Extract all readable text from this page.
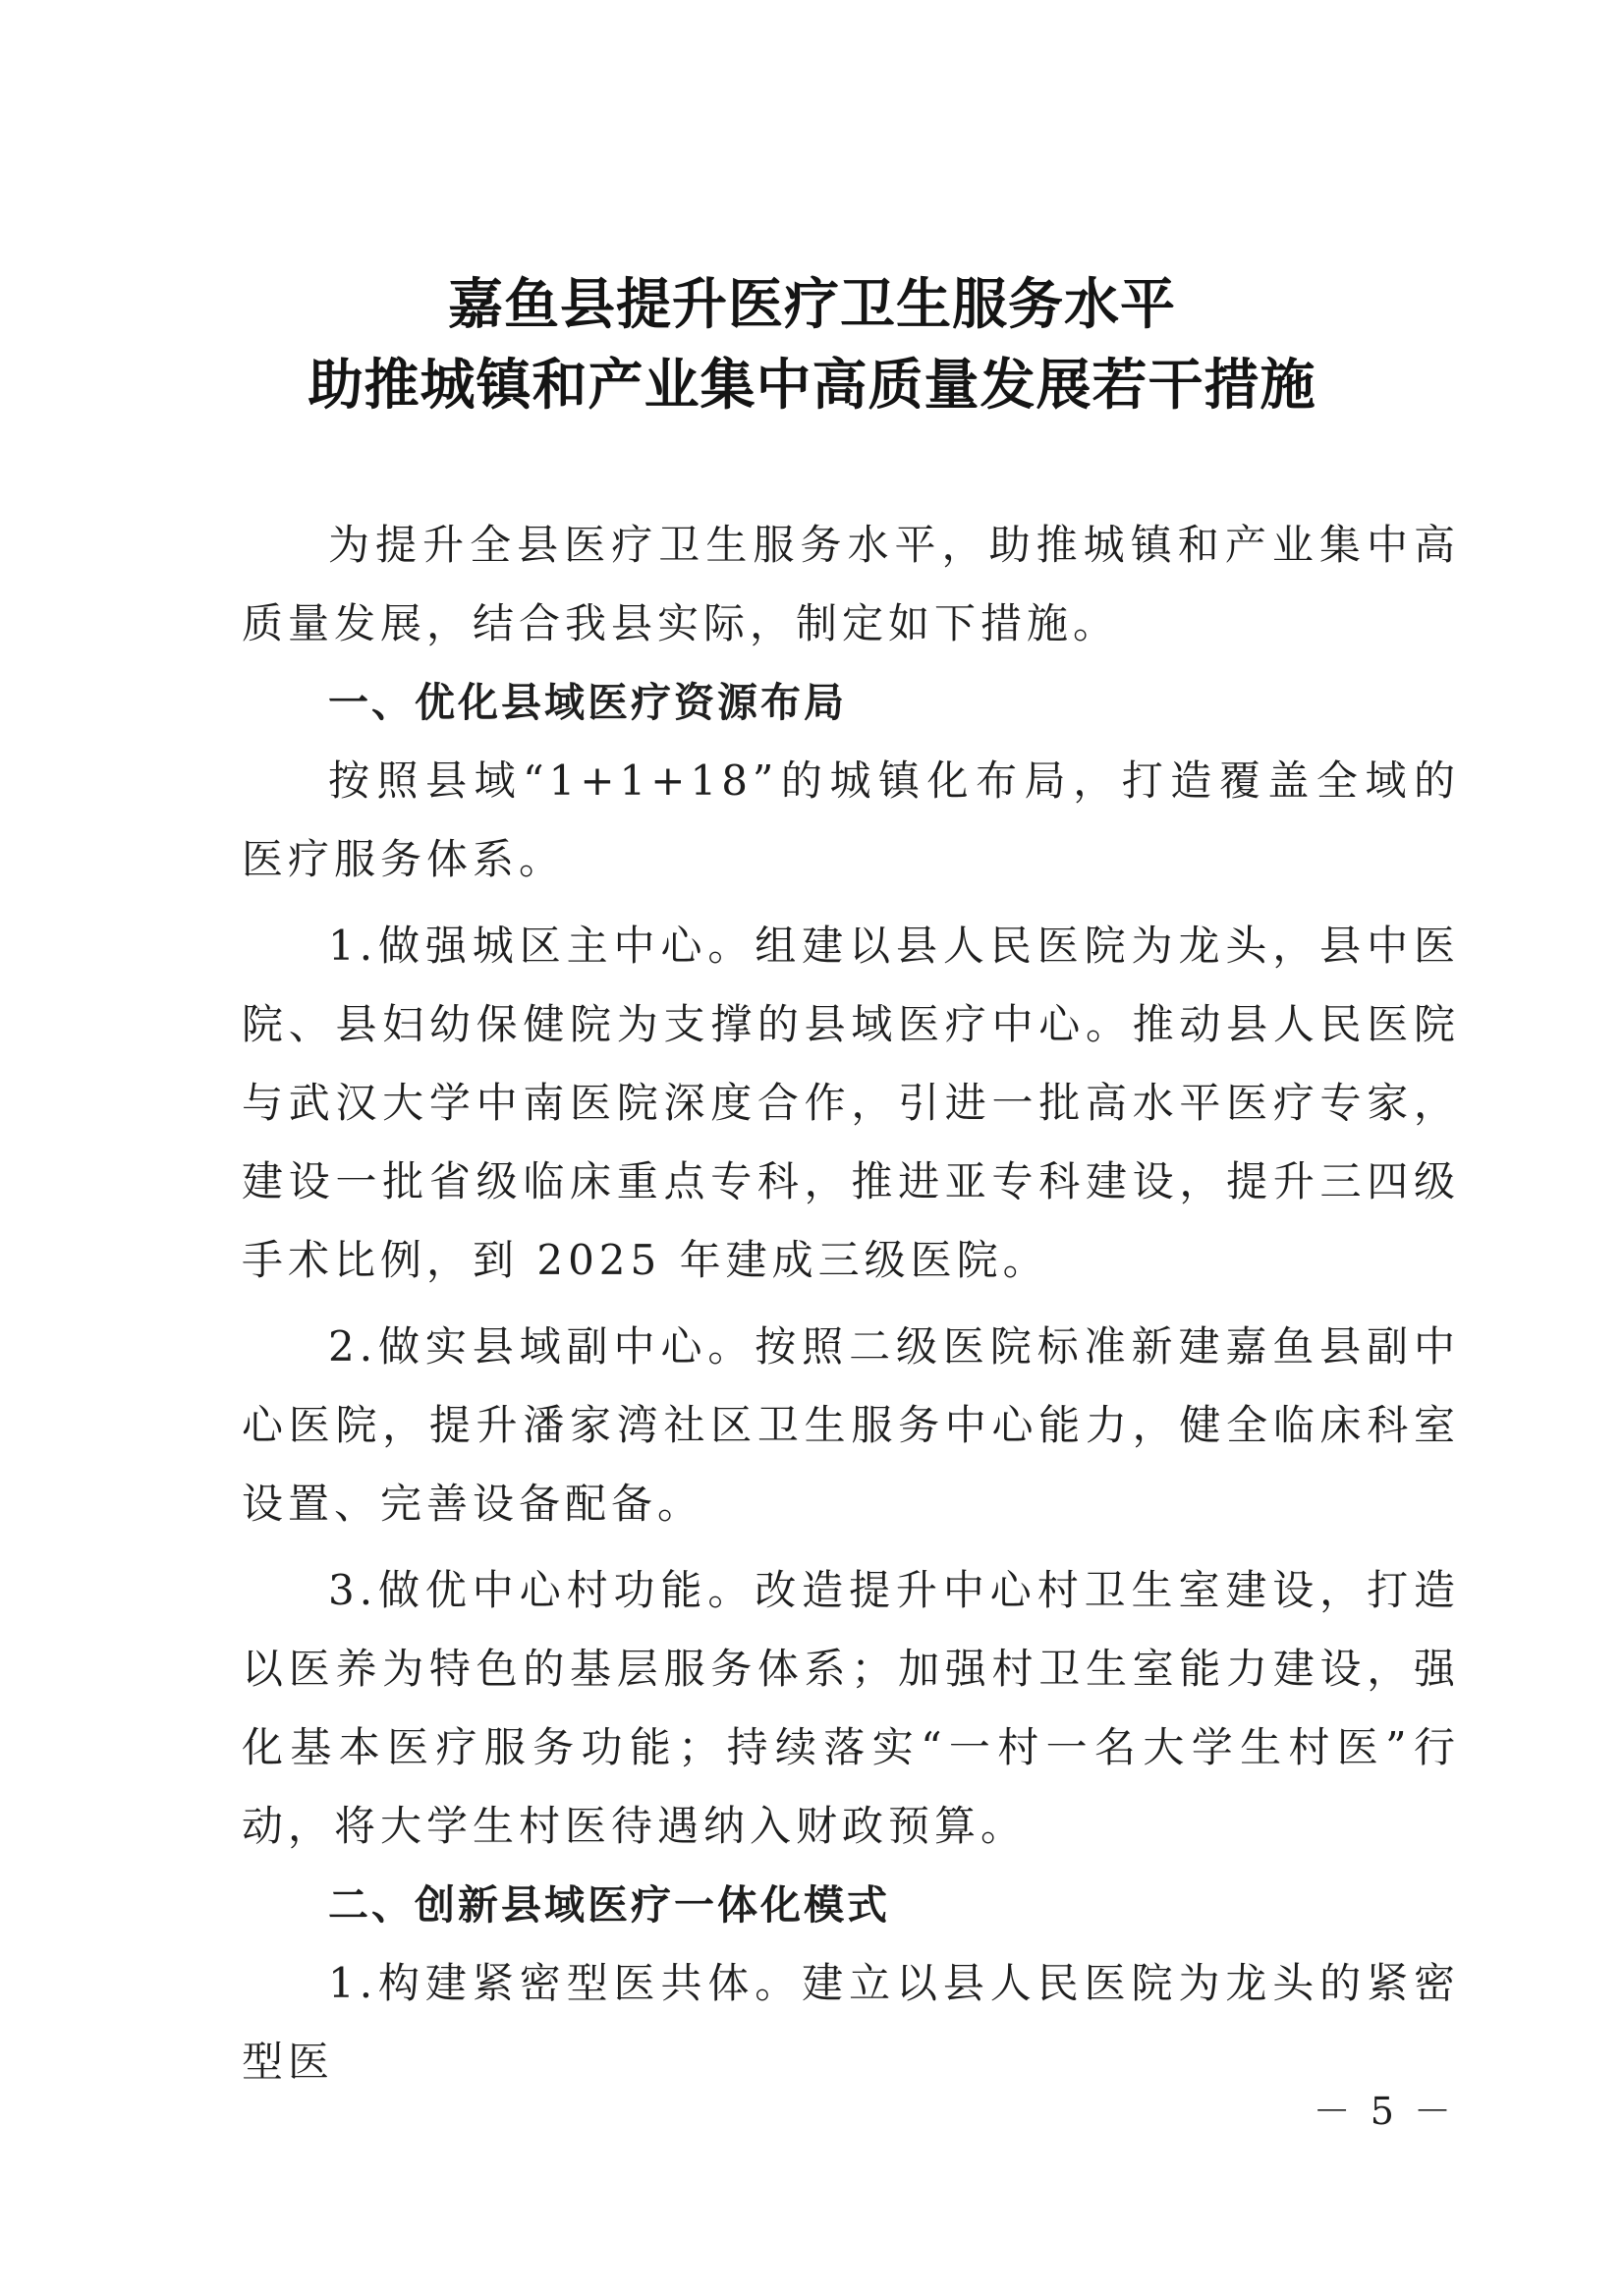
嘉鱼县提升医疗卫生服务水平
助推城镇和产业集中高质量发展若干措施

为提升全县医疗卫生服务水平，助推城镇和产业集中高质量发展，结合我县实际，制定如下措施。

一、优化县域医疗资源布局

按照县域“1+1+18”的城镇化布局，打造覆盖全域的医疗服务体系。

1.做强城区主中心。组建以县人民医院为龙头，县中医院、县妇幼保健院为支撑的县域医疗中心。推动县人民医院与武汉大学中南医院深度合作，引进一批高水平医疗专家，建设一批省级临床重点专科，推进亚专科建设，提升三四级手术比例，到 2025 年建成三级医院。

2.做实县域副中心。按照二级医院标准新建嘉鱼县副中心医院，提升潘家湾社区卫生服务中心能力，健全临床科室设置、完善设备配备。

3.做优中心村功能。改造提升中心村卫生室建设，打造以医养为特色的基层服务体系；加强村卫生室能力建设，强化基本医疗服务功能；持续落实“一村一名大学生村医”行动，将大学生村医待遇纳入财政预算。

二、创新县域医疗一体化模式

1.构建紧密型医共体。建立以县人民医院为龙头的紧密型医

－ 5 －
